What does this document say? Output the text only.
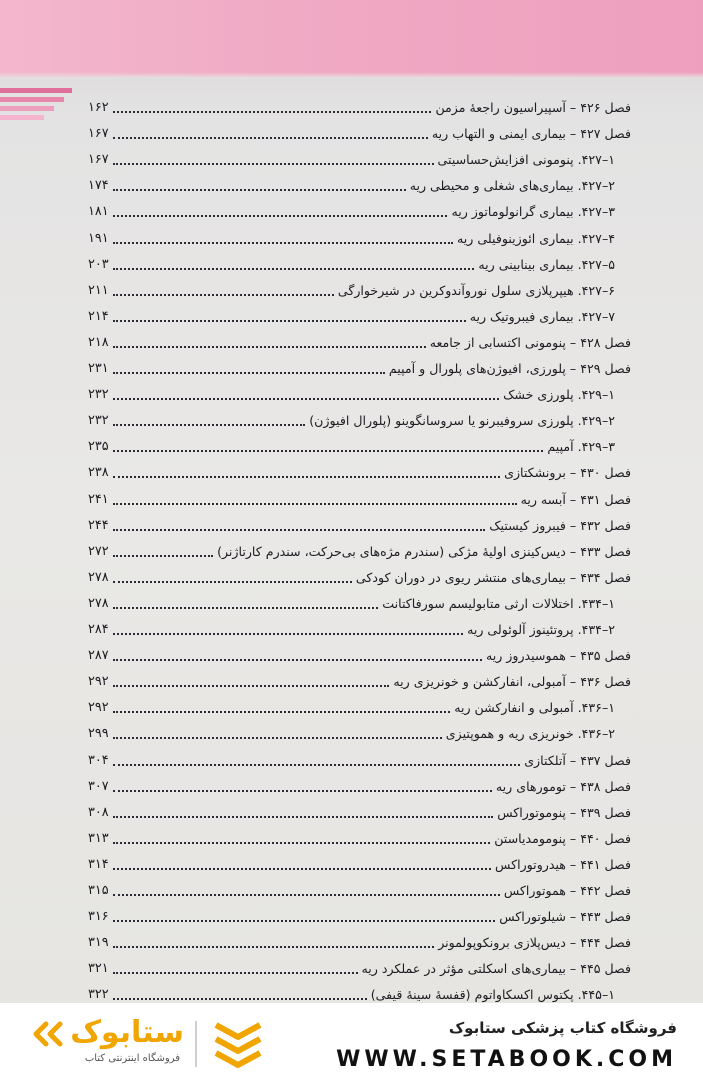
فصل ۴۲۶ – آسپیراسیون راجعهٔ مزمن
۱۶۲
فصل ۴۲۷ – بیماری ایمنی و التهاب ریه
۱۶۷
۱–۴۲۷. پنومونی افزایش‌حساسیتی
۱۶۷
۲–۴۲۷. بیماری‌های شغلی و محیطی ریه
۱۷۴
۳–۴۲۷. بیماری گرانولوماتوز ریه
۱۸۱
۴–۴۲۷. بیماری ائوزینوفیلی ریه
۱۹۱
۵–۴۲۷. بیماری بینابینی ریه
۲۰۳
۶–۴۲۷. هیپرپلازی سلول نوروآندوکرین در شیرخوارگی
۲۱۱
۷–۴۲۷. بیماری فیبروتیک ریه
۲۱۴
فصل ۴۲۸ – پنومونی اکتسابی از جامعه
۲۱۸
فصل ۴۲۹ – پلورزی، افیوژن‌های پلورال و آمپیم
۲۳۱
۱–۴۲۹. پلورزی خشک
۲۳۲
۲–۴۲۹. پلورزی سروفیبرنو یا سروسانگوینو (پلورال افیوژن)
۲۳۲
۳–۴۲۹. آمپیم
۲۳۵
فصل ۴۳۰ – برونشکتازی
۲۳۸
فصل ۴۳۱ – آبسه ریه
۲۴۱
فصل ۴۳۲ – فیبروز کیستیک
۲۴۴
فصل ۴۳۳ – دیس‌کینزی اولیهٔ مژکی (سندرم مژه‌های بی‌حرکت، سندرم کارتاژنر)
۲۷۲
فصل ۴۳۴ – بیماری‌های منتشر ریوی در دوران کودکی
۲۷۸
۱–۴۳۴. اختلالات ارثی متابولیسم سورفاکتانت
۲۷۸
۲–۴۳۴. پروتئینوز آلوئولی ریه
۲۸۴
فصل ۴۳۵ – هموسیدروز ریه
۲۸۷
فصل ۴۳۶ – آمبولی، انفارکشن و خونریزی ریه
۲۹۲
۱–۴۳۶. آمبولی و انفارکشن ریه
۲۹۲
۲–۴۳۶. خونریزی ریه و هموپتیزی
۲۹۹
فصل ۴۳۷ – آتلکتازی
۳۰۴
فصل ۴۳۸ – تومورهای ریه
۳۰۷
فصل ۴۳۹ – پنوموتوراکس
۳۰۸
فصل ۴۴۰ – پنومومدیاستن
۳۱۳
فصل ۴۴۱ – هیدروتوراکس
۳۱۴
فصل ۴۴۲ – هموتوراکس
۳۱۵
فصل ۴۴۳ – شیلوتوراکس
۳۱۶
فصل ۴۴۴ – دیس‌پلازی برونکوپولمونر
۳۱۹
فصل ۴۴۵ – بیماری‌های اسکلتی مؤثر در عملکرد ریه
۳۲۱
۱–۴۴۵. پکتوس اکسکاواتوم (قفسهٔ سینهٔ قیفی)
۳۲۲
ستابوک
فروشگاه اینترنتی کتاب
فروشگاه کتاب پزشکی ستابوک
WWW.SETABOOK.COM
